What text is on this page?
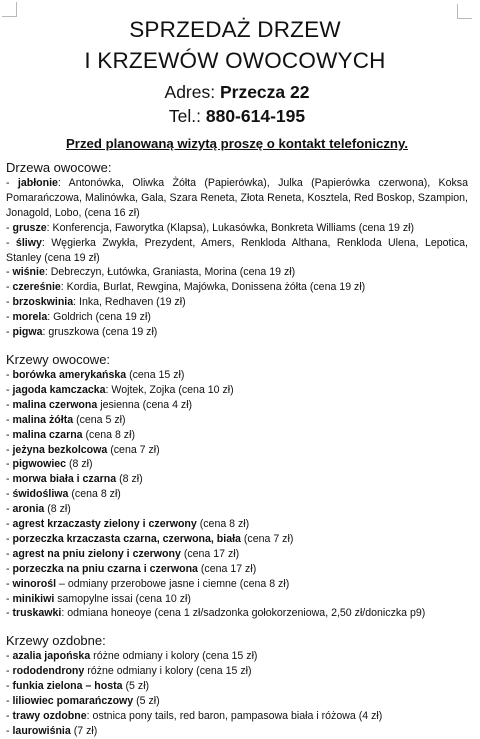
SPRZEDAŻ DRZEW
I KRZEWÓW OWOCOWYCH
Adres: Przecza 22
Tel.: 880-614-195
Przed planowaną wizytą proszę o kontakt telefoniczny.
Drzewa owocowe:
- jabłonie: Antonówka, Oliwka Żółta (Papierówka), Julka (Papierówka czerwona), Koksa Pomarańczowa, Malinówka, Gala, Szara Reneta, Złota Reneta, Kosztela, Red Boskop, Szampion, Jonagold, Lobo, (cena 16 zł)
- grusze: Konferencja, Faworytka (Klapsa), Lukasówka, Bonkreta Williams (cena 19 zł)
- śliwy: Węgierka Zwykła, Prezydent, Amers, Renkloda Althana, Renkloda Ulena, Lepotica, Stanley (cena 19 zł)
- wiśnie: Debreczyn, Łutówka, Graniasta, Morina (cena 19 zł)
- czereśnie: Kordia, Burlat, Rewgina, Majówka, Donissena żółta (cena 19 zł)
- brzoskwinia: Inka, Redhaven (19 zł)
- morela: Goldrich (cena 19 zł)
- pigwa: gruszkowa (cena 19 zł)
Krzewy owocowe:
- borówka amerykańska (cena 15 zł)
- jagoda kamczacka: Wojtek, Zojka (cena 10 zł)
- malina czerwona jesienna (cena 4 zł)
- malina żółta (cena 5 zł)
- malina czarna (cena 8 zł)
- jeżyna bezkolcowa (cena 7 zł)
- pigwowiec (8 zł)
- morwa biała i czarna (8 zł)
- świdośliwa (cena 8 zł)
- aronia (8 zł)
- agrest krzaczasty zielony i czerwony (cena 8 zł)
- porzeczka krzaczasta czarna, czerwona, biała (cena 7 zł)
- agrest na pniu zielony i czerwony (cena 17 zł)
- porzeczka na pniu czarna i czerwona (cena 17 zł)
- winorośl – odmiany przerobowe jasne i ciemne (cena 8 zł)
- minikiwi samopylne issai (cena 10 zł)
- truskawki: odmiana honeoye (cena 1 zł/sadzonka gołokorzeniowa, 2,50 zł/doniczka p9)
Krzewy ozdobne:
- azalia japońska różne odmiany i kolory (cena 15 zł)
- rododendrony różne odmiany i kolory (cena 15 zł)
- funkia zielona – hosta (5 zł)
- liliowiec pomarańczowy (5 zł)
- trawy ozdobne: ostnica pony tails, red baron, pampasowa biała i różowa (4 zł)
- laurowiśnia (7 zł)
